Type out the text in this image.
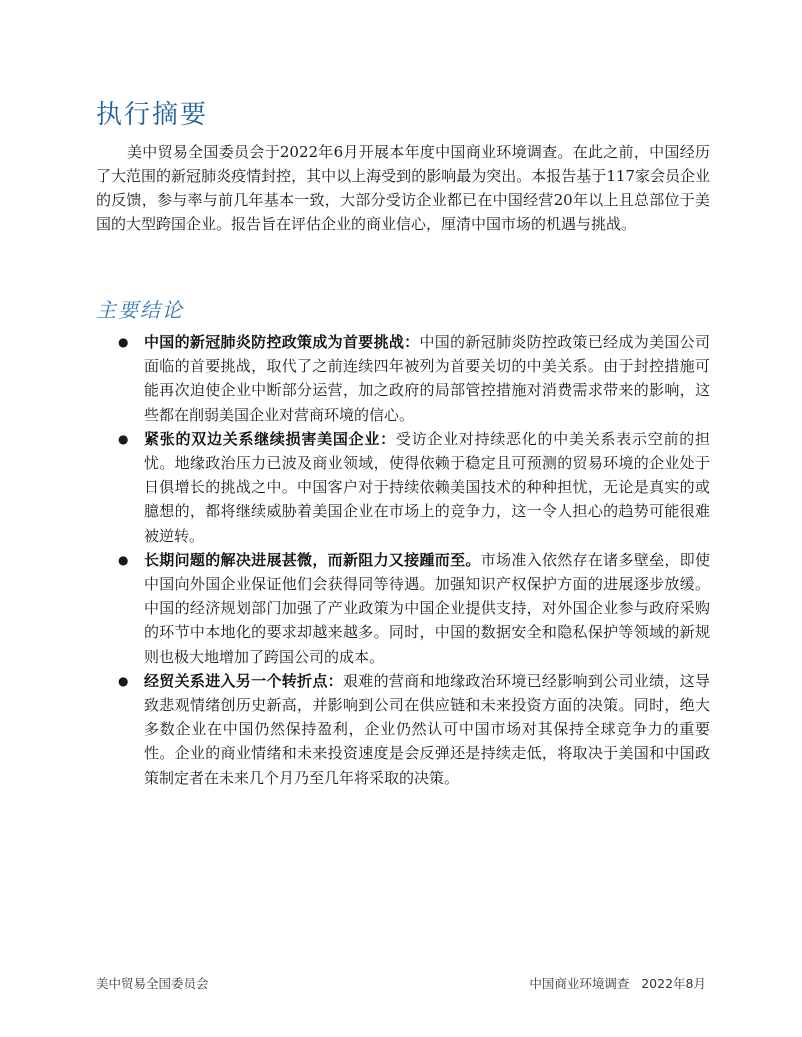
执行摘要

美中贸易全国委员会于2022年6月开展本年度中国商业环境调查。在此之前，中国经历了大范围的新冠肺炎疫情封控，其中以上海受到的影响最为突出。本报告基于117家会员企业的反馈，参与率与前几年基本一致，大部分受访企业都已在中国经营20年以上且总部位于美国的大型跨国企业。报告旨在评估企业的商业信心，厘清中国市场的机遇与挑战。

主要结论
● 中国的新冠肺炎防控政策成为首要挑战：中国的新冠肺炎防控政策已经成为美国公司面临的首要挑战，取代了之前连续四年被列为首要关切的中美关系。由于封控措施可能再次迫使企业中断部分运营，加之政府的局部管控措施对消费需求带来的影响，这些都在削弱美国企业对营商环境的信心。
● 紧张的双边关系继续损害美国企业：受访企业对持续恶化的中美关系表示空前的担忧。地缘政治压力已波及商业领域，使得依赖于稳定且可预测的贸易环境的企业处于日俱增长的挑战之中。中国客户对于持续依赖美国技术的种种担忧，无论是真实的或臆想的，都将继续威胁着美国企业在市场上的竞争力，这一令人担心的趋势可能很难被逆转。
● 长期问题的解决进展甚微，而新阻力又接踵而至。市场准入依然存在诸多壁垒，即使中国向外国企业保证他们会获得同等待遇。加强知识产权保护方面的进展逐步放缓。中国的经济规划部门加强了产业政策为中国企业提供支持，对外国企业参与政府采购的环节中本地化的要求却越来越多。同时，中国的数据安全和隐私保护等领域的新规则也极大地增加了跨国公司的成本。
● 经贸关系进入另一个转折点：艰难的营商和地缘政治环境已经影响到公司业绩，这导致悲观情绪创历史新高，并影响到公司在供应链和未来投资方面的决策。同时，绝大多数企业在中国仍然保持盈利，企业仍然认可中国市场对其保持全球竞争力的重要性。企业的商业情绪和未来投资速度是会反弹还是持续走低，将取决于美国和中国政策制定者在未来几个月乃至几年将采取的决策。
美中贸易全国委员会	中国商业环境调查   2022年8月
